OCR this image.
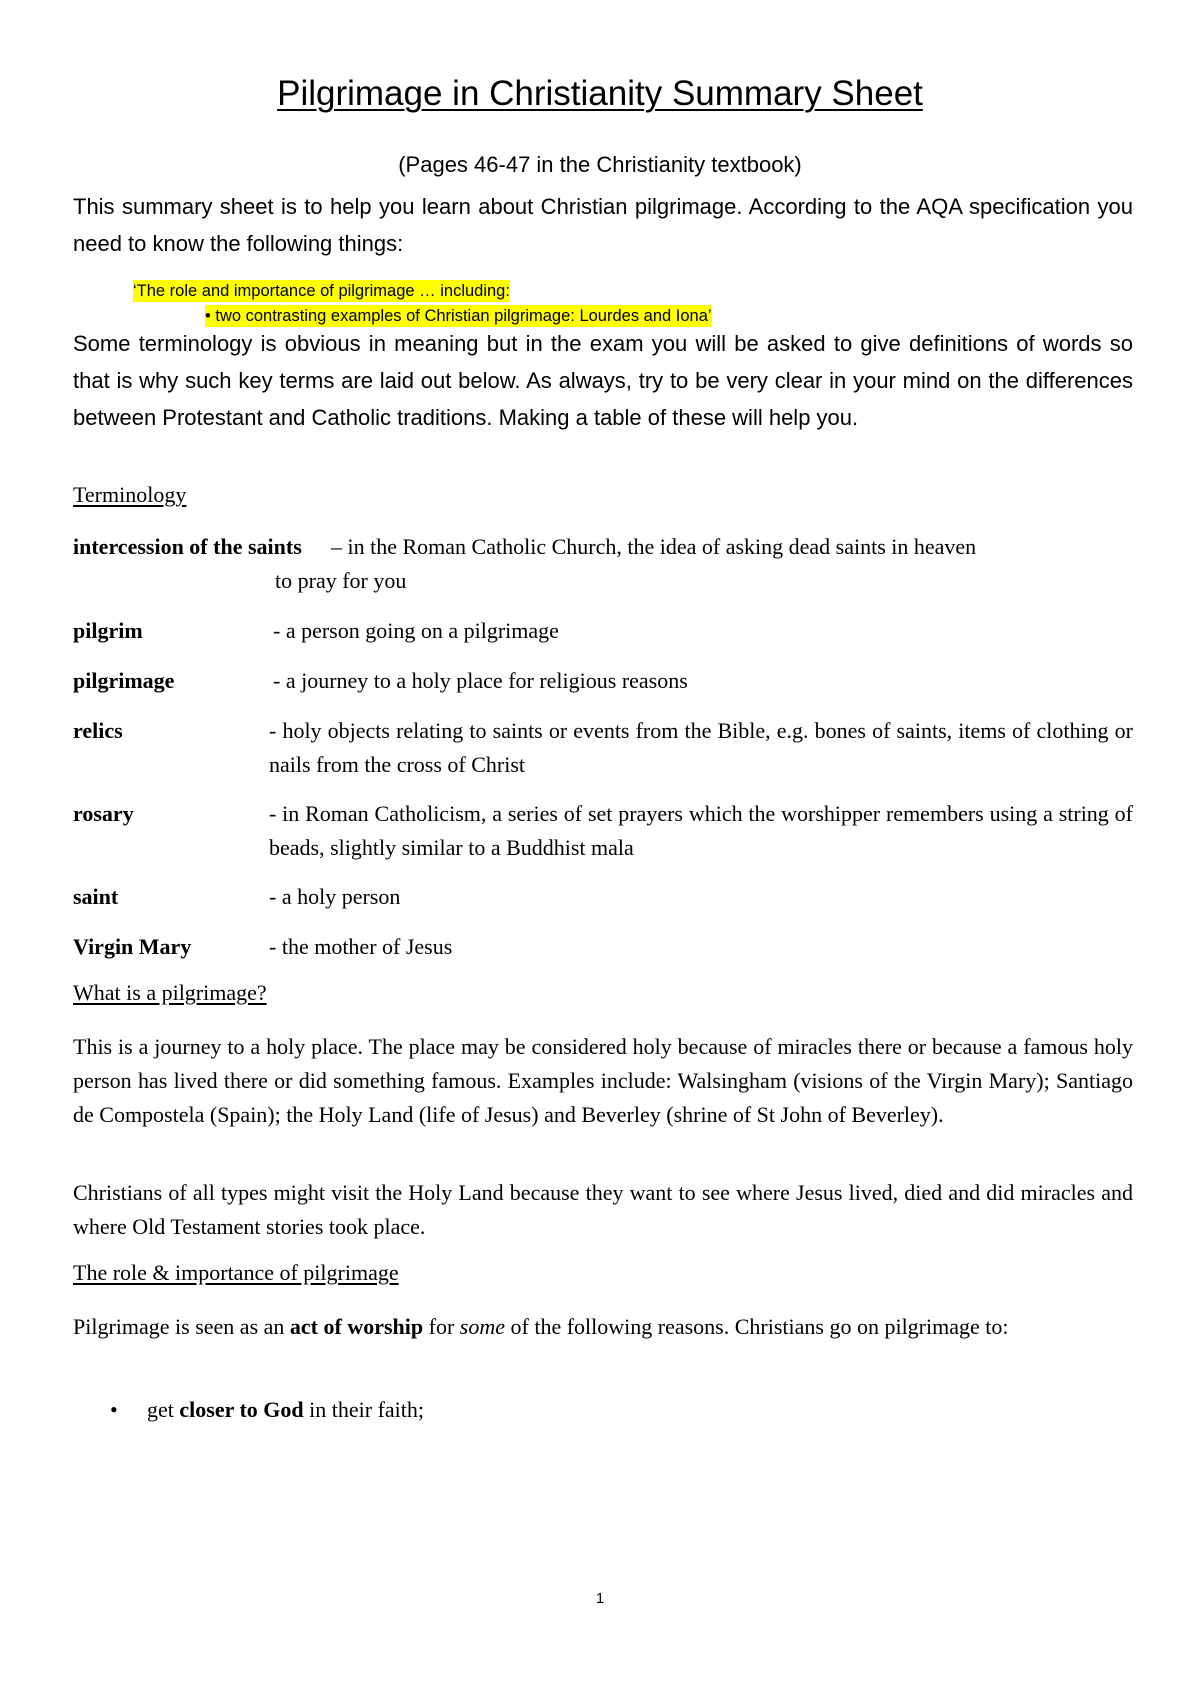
Pilgrimage in Christianity Summary Sheet
(Pages 46-47 in the Christianity textbook)
This summary sheet is to help you learn about Christian pilgrimage. According to the AQA specification you need to know the following things:
‘The role and importance of pilgrimage … including:
• two contrasting examples of Christian pilgrimage: Lourdes and Iona’
Some terminology is obvious in meaning but in the exam you will be asked to give definitions of words so that is why such key terms are laid out below. As always, try to be very clear in your mind on the differences between Protestant and Catholic traditions. Making a table of these will help you.
Terminology
intercession of the saints – in the Roman Catholic Church, the idea of asking dead saints in heaven
to pray for you
pilgrim	- a person going on a pilgrimage
pilgrimage	- a journey to a holy place for religious reasons
relics	- holy objects relating to saints or events from the Bible, e.g. bones of saints, items of clothing or nails from the cross of Christ
rosary	- in Roman Catholicism, a series of set prayers which the worshipper remembers using a string of beads, slightly similar to a Buddhist mala
saint	- a holy person
Virgin Mary	- the mother of Jesus
What is a pilgrimage?
This is a journey to a holy place. The place may be considered holy because of miracles there or because a famous holy person has lived there or did something famous. Examples include: Walsingham (visions of the Virgin Mary); Santiago de Compostela (Spain); the Holy Land (life of Jesus) and Beverley (shrine of St John of Beverley).
Christians of all types might visit the Holy Land because they want to see where Jesus lived, died and did miracles and where Old Testament stories took place.
The role & importance of pilgrimage
Pilgrimage is seen as an act of worship for some of the following reasons. Christians go on pilgrimage to:
• get closer to God in their faith;
1
